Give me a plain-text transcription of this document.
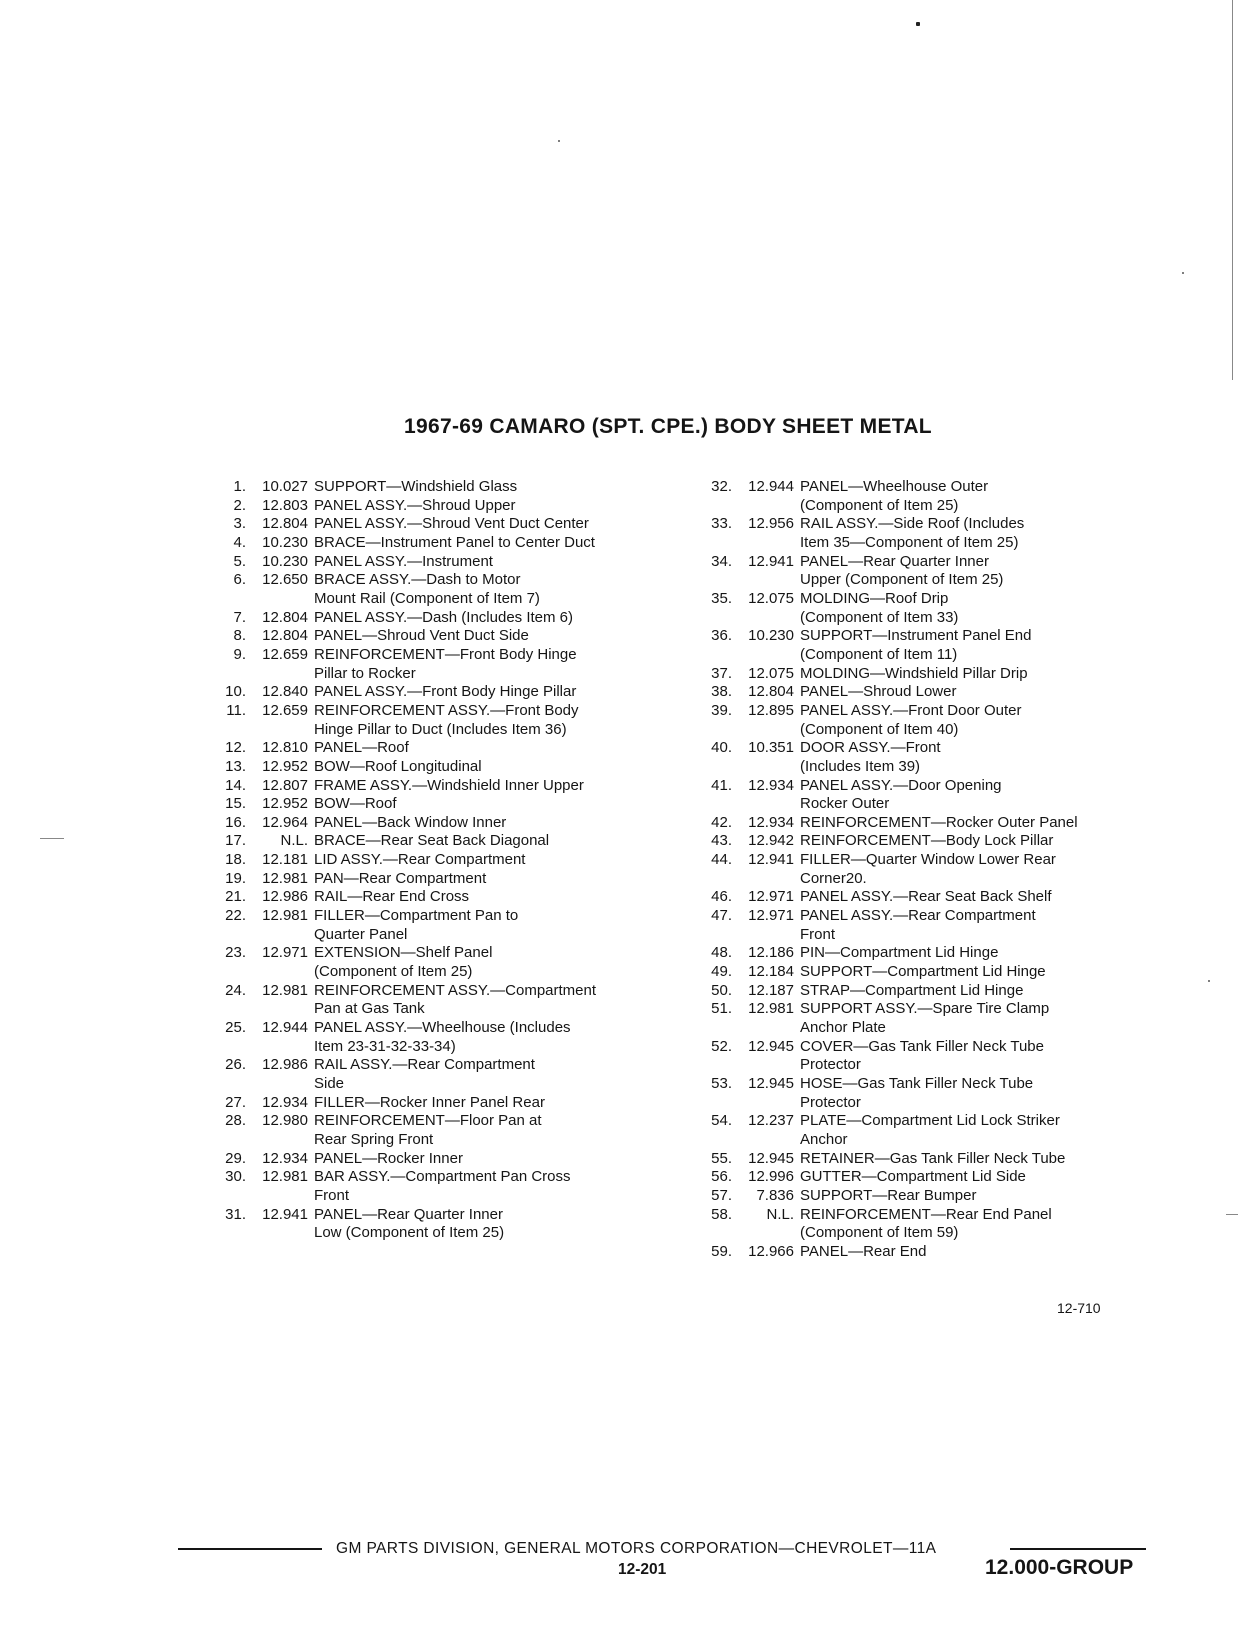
1967-69 CAMARO (SPT. CPE.) BODY SHEET METAL
1.	10.027 SUPPORT—Windshield Glass
2.	12.803 PANEL ASSY.—Shroud Upper
3.	12.804 PANEL ASSY.—Shroud Vent Duct Center
4.	10.230 BRACE—Instrument Panel to Center Duct
5.	10.230 PANEL ASSY.—Instrument
6.	12.650 BRACE ASSY.—Dash to Motor
Mount Rail (Component of Item 7)
7.	12.804 PANEL ASSY.—Dash (Includes Item 6)
8.	12.804 PANEL—Shroud Vent Duct Side
9.	12.659 REINFORCEMENT—Front Body Hinge
Pillar to Rocker
10.	12.840 PANEL ASSY.—Front Body Hinge Pillar
11.	12.659 REINFORCEMENT ASSY.—Front Body
Hinge Pillar to Duct (Includes Item 36)
12.	12.810 PANEL—Roof
13.	12.952 BOW—Roof Longitudinal
14.	12.807 FRAME ASSY.—Windshield Inner Upper
15.	12.952 BOW—Roof
16.	12.964 PANEL—Back Window Inner
17.	N.L. BRACE—Rear Seat Back Diagonal
18.	12.181 LID ASSY.—Rear Compartment
19.	12.981 PAN—Rear Compartment
21.	12.986 RAIL—Rear End Cross
22.	12.981 FILLER—Compartment Pan to
Quarter Panel
23.	12.971 EXTENSION—Shelf Panel
(Component of Item 25)
24.	12.981 REINFORCEMENT ASSY.—Compartment
Pan at Gas Tank
25.	12.944 PANEL ASSY.—Wheelhouse (Includes
Item 23-31-32-33-34)
26.	12.986 RAIL ASSY.—Rear Compartment
Side
27.	12.934 FILLER—Rocker Inner Panel Rear
28.	12.980 REINFORCEMENT—Floor Pan at
Rear Spring Front
29.	12.934 PANEL—Rocker Inner
30.	12.981 BAR ASSY.—Compartment Pan Cross
Front
31.	12.941 PANEL—Rear Quarter Inner
Low (Component of Item 25)
32.	12.944 PANEL—Wheelhouse Outer
(Component of Item 25)
33.	12.956 RAIL ASSY.—Side Roof (Includes
Item 35—Component of Item 25)
34.	12.941 PANEL—Rear Quarter Inner
Upper (Component of Item 25)
35.	12.075 MOLDING—Roof Drip
(Component of Item 33)
36.	10.230 SUPPORT—Instrument Panel End
(Component of Item 11)
37.	12.075 MOLDING—Windshield Pillar Drip
38.	12.804 PANEL—Shroud Lower
39.	12.895 PANEL ASSY.—Front Door Outer
(Component of Item 40)
40.	10.351 DOOR ASSY.—Front
(Includes Item 39)
41.	12.934 PANEL ASSY.—Door Opening
Rocker Outer
42.	12.934 REINFORCEMENT—Rocker Outer Panel
43.	12.942 REINFORCEMENT—Body Lock Pillar
44.	12.941 FILLER—Quarter Window Lower Rear
Corner20.
46.	12.971 PANEL ASSY.—Rear Seat Back Shelf
47.	12.971 PANEL ASSY.—Rear Compartment
Front
48.	12.186 PIN—Compartment Lid Hinge
49.	12.184 SUPPORT—Compartment Lid Hinge
50.	12.187 STRAP—Compartment Lid Hinge
51.	12.981 SUPPORT ASSY.—Spare Tire Clamp
Anchor Plate
52.	12.945 COVER—Gas Tank Filler Neck Tube
Protector
53.	12.945 HOSE—Gas Tank Filler Neck Tube
Protector
54.	12.237 PLATE—Compartment Lid Lock Striker
Anchor
55.	12.945 RETAINER—Gas Tank Filler Neck Tube
56.	12.996 GUTTER—Compartment Lid Side
57.	7.836 SUPPORT—Rear Bumper
58.	N.L. REINFORCEMENT—Rear End Panel
(Component of Item 59)
59.	12.966 PANEL—Rear End
12-710
GM PARTS DIVISION, GENERAL MOTORS CORPORATION—CHEVROLET—11A
12-201	12.000-GROUP
